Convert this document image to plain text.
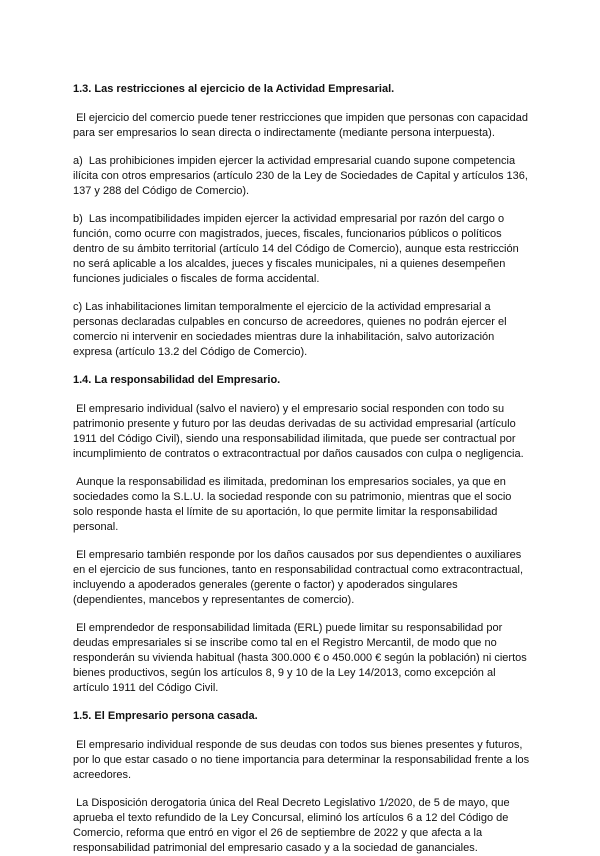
1.3. Las restricciones al ejercicio de la Actividad Empresarial.

El ejercicio del comercio puede tener restricciones que impiden que personas con capacidad para ser empresarios lo sean directa o indirectamente (mediante persona interpuesta).

a)  Las prohibiciones impiden ejercer la actividad empresarial cuando supone competencia ilícita con otros empresarios (artículo 230 de la Ley de Sociedades de Capital y artículos 136, 137 y 288 del Código de Comercio).

b)  Las incompatibilidades impiden ejercer la actividad empresarial por razón del cargo o función, como ocurre con magistrados, jueces, fiscales, funcionarios públicos o políticos dentro de su ámbito territorial (artículo 14 del Código de Comercio), aunque esta restricción no será aplicable a los alcaldes, jueces y fiscales municipales, ni a quienes desempeñen funciones judiciales o fiscales de forma accidental.

c) Las inhabilitaciones limitan temporalmente el ejercicio de la actividad empresarial a personas declaradas culpables en concurso de acreedores, quienes no podrán ejercer el comercio ni intervenir en sociedades mientras dure la inhabilitación, salvo autorización expresa (artículo 13.2 del Código de Comercio).

1.4. La responsabilidad del Empresario.

El empresario individual (salvo el naviero) y el empresario social responden con todo su patrimonio presente y futuro por las deudas derivadas de su actividad empresarial (artículo 1911 del Código Civil), siendo una responsabilidad ilimitada, que puede ser contractual por incumplimiento de contratos o extracontractual por daños causados con culpa o negligencia.

Aunque la responsabilidad es ilimitada, predominan los empresarios sociales, ya que en sociedades como la S.L.U. la sociedad responde con su patrimonio, mientras que el socio solo responde hasta el límite de su aportación, lo que permite limitar la responsabilidad personal.

El empresario también responde por los daños causados por sus dependientes o auxiliares en el ejercicio de sus funciones, tanto en responsabilidad contractual como extracontractual, incluyendo a apoderados generales (gerente o factor) y apoderados singulares (dependientes, mancebos y representantes de comercio).

El emprendedor de responsabilidad limitada (ERL) puede limitar su responsabilidad por deudas empresariales si se inscribe como tal en el Registro Mercantil, de modo que no responderán su vivienda habitual (hasta 300.000 € o 450.000 € según la población) ni ciertos bienes productivos, según los artículos 8, 9 y 10 de la Ley 14/2013, como excepción al artículo 1911 del Código Civil.

1.5. El Empresario persona casada.

El empresario individual responde de sus deudas con todos sus bienes presentes y futuros, por lo que estar casado o no tiene importancia para determinar la responsabilidad frente a los acreedores.

La Disposición derogatoria única del Real Decreto Legislativo 1/2020, de 5 de mayo, que aprueba el texto refundido de la Ley Concursal, eliminó los artículos 6 a 12 del Código de Comercio, reforma que entró en vigor el 26 de septiembre de 2022 y que afecta a la responsabilidad patrimonial del empresario casado y a la sociedad de gananciales.
